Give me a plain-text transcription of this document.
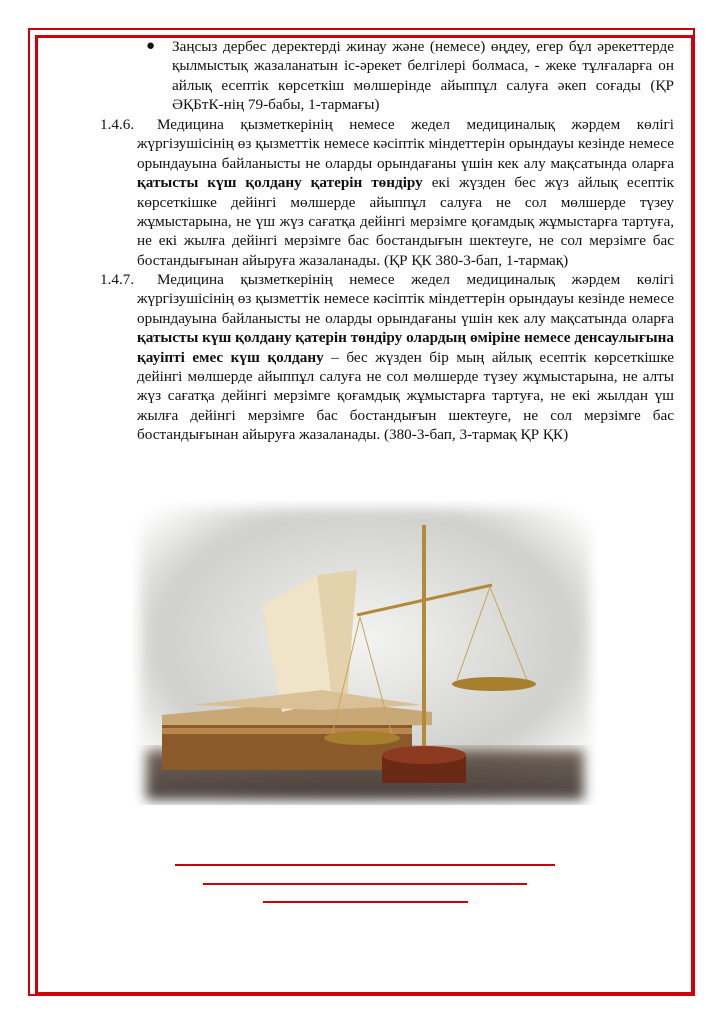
● Заңсыз дербес деректерді жинау және (немесе) өңдеу, егер бұл әрекеттерде қылмыстық жазаланатын іс-әрекет белгілері болмаса, - жеке тұлғаларға он айлық есептік көрсеткіш мөлшерінде айыппұл салуға әкеп соғады (ҚР ӘҚБтК-нің 79-бабы, 1-тармағы)
1.4.6. Медицина қызметкерінің немесе жедел медициналық жәрдем көлігі жүргізушісінің өз қызметтік немесе кәсіптік міндеттерін орындауы кезінде немесе орындауына байланысты не оларды орындағаны үшін кек алу мақсатында оларға қатысты күш қолдану қатерін төндіру екі жүзден бес жүз айлық есептік көрсеткішке дейінгі мөлшерде айыппұл салуға не сол мөлшерде түзеу жұмыстарына, не үш жүз сағатқа дейінгі мерзімге қоғамдық жұмыстарға тартуға, не екі жылға дейінгі мерзімге бас бостандығын шектеуге, не сол мерзімге бас бостандығынан айыруға жазаланады. (ҚР ҚК 380-3-бап, 1-тармақ)
1.4.7. Медицина қызметкерінің немесе жедел медициналық жәрдем көлігі жүргізушісінің өз қызметтік немесе кәсіптік міндеттерін орындауы кезінде немесе орындауына байланысты не оларды орындағаны үшін кек алу мақсатында оларға қатысты күш қолдану қатерін төндіру олардың өміріне немесе денсаулығына қауіпті емес күш қолдану – бес жүзден бір мың айлық есептік көрсеткішке дейінгі мөлшерде айыппұл салуға не сол мөлшерде түзеу жұмыстарына, не алты жүз сағатқа дейінгі мерзімге қоғамдық жұмыстарға тартуға, не екі жылдан үш жылға дейінгі мерзімге бас бостандығын шектеуге, не сол мерзімге бас бостандығынан айыруға жазаланады. (380-3-бап, 3-тармақ ҚР ҚК)
